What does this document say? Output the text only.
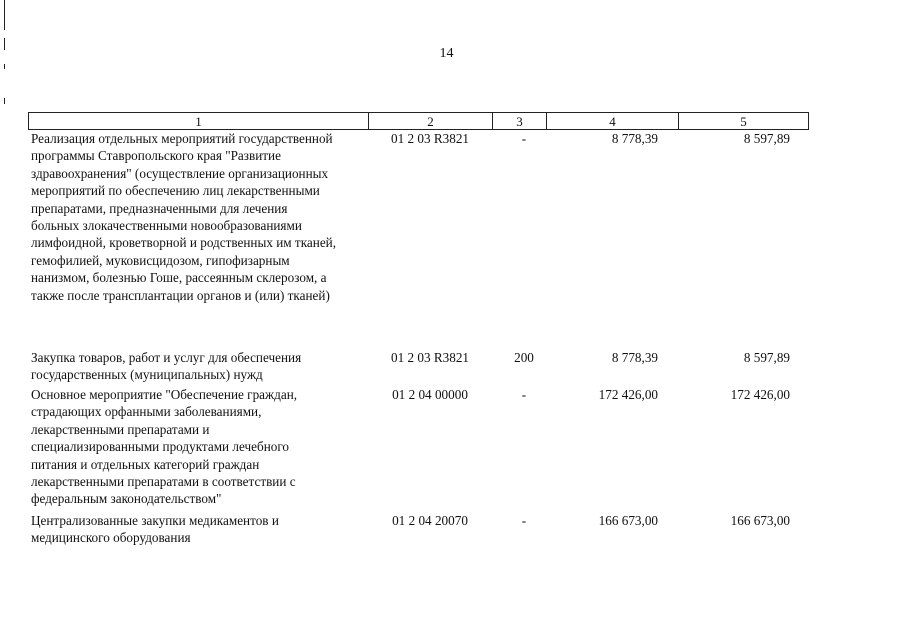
14
1	2	3	4	5
Реализация отдельных мероприятий государственной
программы Ставропольского края "Развитие
здравоохранения" (осуществление организационных
мероприятий по обеспечению лиц лекарственными
препаратами, предназначенными для лечения
больных злокачественными новообразованиями
лимфоидной, кроветворной и родственных им тканей,
гемофилией, муковисцидозом, гипофизарным
нанизмом, болезнью Гоше, рассеянным склерозом, а
также после трансплантации органов и (или) тканей)
01 2 03 R3821	-	8 778,39	8 597,89
Закупка товаров, работ и услуг для обеспечения
государственных (муниципальных) нужд
01 2 03 R3821	200	8 778,39	8 597,89
Основное мероприятие "Обеспечение граждан,
страдающих орфанными заболеваниями,
лекарственными препаратами и
специализированными продуктами лечебного
питания и отдельных категорий граждан
лекарственными препаратами в соответствии с
федеральным законодательством"
01 2 04 00000	-	172 426,00	172 426,00
Централизованные закупки медикаментов и
медицинского оборудования
01 2 04 20070	-	166 673,00	166 673,00
